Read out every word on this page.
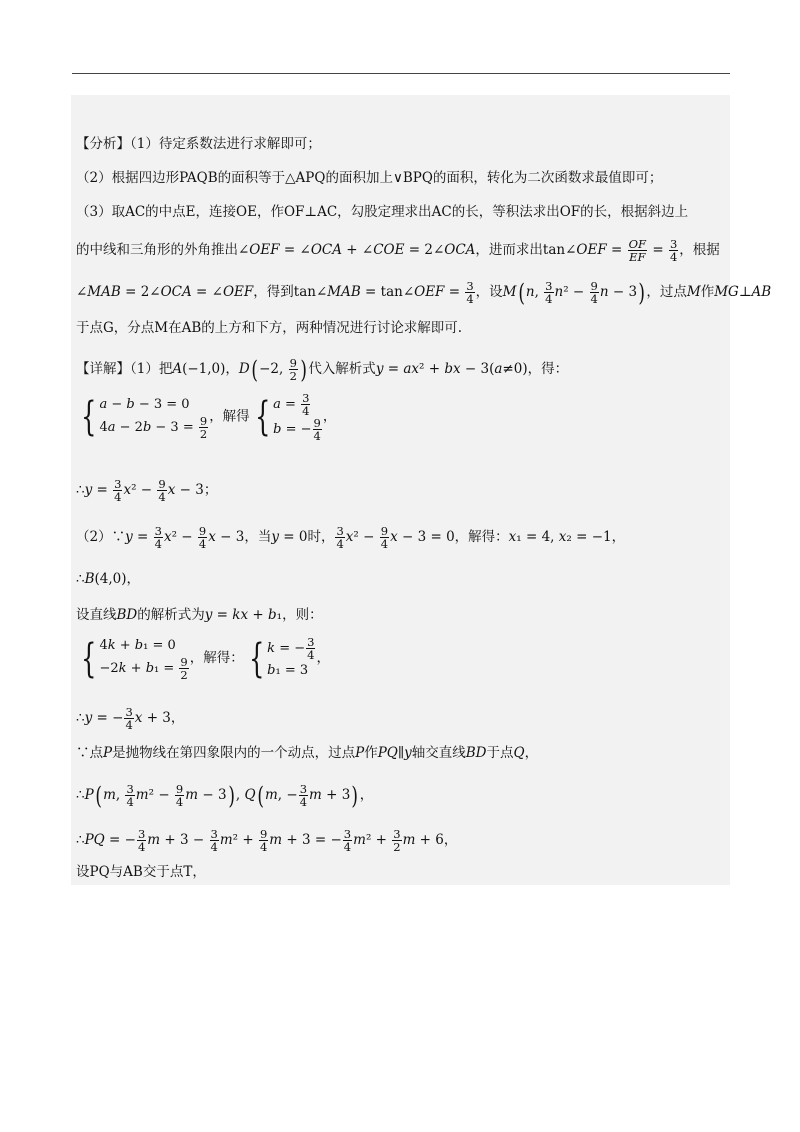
【分析】（1）待定系数法进行求解即可；
（2）根据四边形PAQB的面积等于△APQ的面积加上∨BPQ的面积，转化为二次函数求最值即可；
（3）取AC的中点E，连接OE，作OF⊥AC，勾股定理求出AC的长，等积法求出OF的长，根据斜边上
的中线和三角形的外角推出∠OEF = ∠OCA + ∠COE = 2∠OCA，进而求出tan∠OEF = $\frac{OF}{EF} = \frac{3}{4}$ ，根据
∠MAB = 2∠OCA = ∠OEF，得到tan∠MAB = tan∠OEF = $\frac{3}{4}$ ，设M(n, $\frac{3}{4} n^2 - \frac{9}{4}$ n − 3)，过点M作MG⊥AB
于点G，分点M在AB的上方和下方，两种情况进行讨论求解即可.
【详解】（1）把A(−1,0)，D(−2, $\frac{9}{2}$ )代入解析式y = ax² + bx − 3(a≠0)，得：
{ a − b − 3 = 0
$4a - 2b - 3 = \frac{9}{2}$ ，解得 { $a = \frac{3}{4}$
b = − $\frac{9}{4}$
，
∴y = $\frac{3}{4} x^2 - \frac{9}{4}$ x − 3；
（2）∵y = $\frac{3}{4} x^2 - \frac{9}{4}$ x − 3，当y = 0时， $\frac{3}{4} x^2 - \frac{9}{4}$ x − 3 = 0，解得：x₁ = 4, x₂ = −1，
∴B(4,0)，
设直线BD的解析式为y = kx + b₁，则：
{ 4k + b₁ = 0
$-2k + b_1 = \frac{9}{2}$ ，解得： { k = − $\frac{3}{4}$
b₁ = 3
，
∴y = − $\frac{3}{4}$ x + 3，
∵点P是抛物线在第四象限内的一个动点，过点P作PQ∥y轴交直线BD于点Q，
∴P(m, $\frac{3}{4} m^2 - \frac{9}{4}$ m − 3), Q(m, − $\frac{3}{4}$ m + 3)，
∴PQ = − $\frac{3}{4}$ $m + 3 - \frac{3}{4} m^2 + \frac{9}{4}$ m + 3 = − $\frac{3}{4} m^2 + \frac{3}{2}$ m + 6，
设PQ与AB交于点T，
